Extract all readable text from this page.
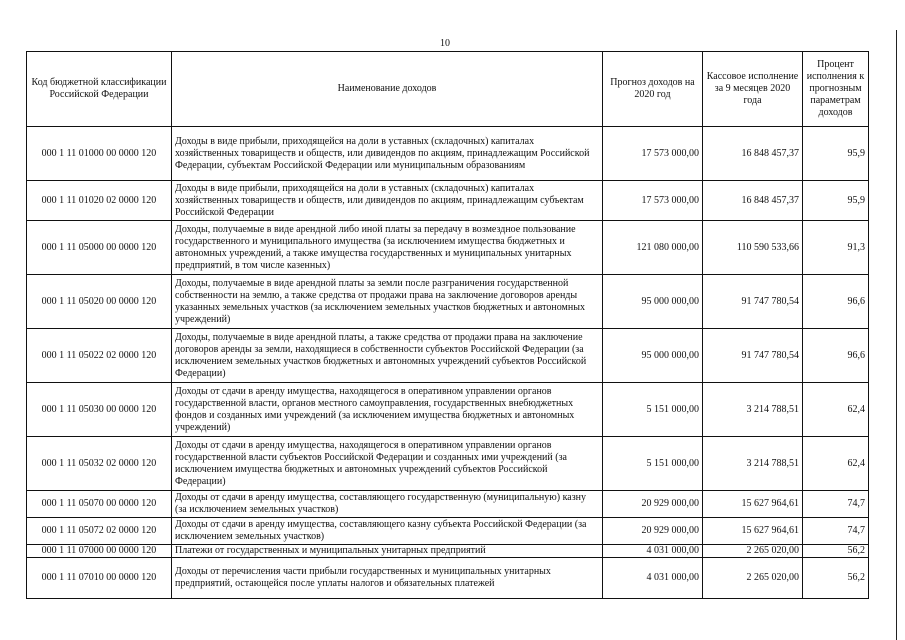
10
Код бюджетной классификации Российской Федерации	Наименование доходов	Прогноз доходов на 2020 год	Кассовое исполнение за 9 месяцев 2020 года	Процент исполнения к прогнозным параметрам доходов
000 1 11 01000 00 0000 120	Доходы в виде прибыли, приходящейся на доли в уставных (складочных) капиталах хозяйственных товариществ и обществ, или дивидендов по акциям, принадлежащим Российской Федерации, субъектам Российской Федерации или муниципальным образованиям	17 573 000,00	16 848 457,37	95,9
000 1 11 01020 02 0000 120	Доходы в виде прибыли, приходящейся на доли в уставных (складочных) капиталах хозяйственных товариществ и обществ, или дивидендов по акциям, принадлежащим субъектам Российской Федерации	17 573 000,00	16 848 457,37	95,9
000 1 11 05000 00 0000 120	Доходы, получаемые в виде арендной либо иной платы за передачу в возмездное пользование государственного и муниципального имущества (за исключением имущества бюджетных и автономных учреждений, а также имущества государственных и муниципальных унитарных предприятий, в том числе казенных)	121 080 000,00	110 590 533,66	91,3
000 1 11 05020 00 0000 120	Доходы, получаемые в виде арендной платы за земли после разграничения государственной собственности на землю, а также средства от продажи права на заключение договоров аренды указанных земельных участков (за исключением земельных участков бюджетных и автономных учреждений)	95 000 000,00	91 747 780,54	96,6
000 1 11 05022 02 0000 120	Доходы, получаемые в виде арендной платы, а также средства от продажи права на заключение договоров аренды за земли, находящиеся в собственности субъектов Российской Федерации (за исключением земельных участков бюджетных и автономных учреждений субъектов Российской Федерации)	95 000 000,00	91 747 780,54	96,6
000 1 11 05030 00 0000 120	Доходы от сдачи в аренду имущества, находящегося в оперативном управлении органов государственной власти, органов местного самоуправления, государственных внебюджетных фондов и созданных ими учреждений (за исключением имущества бюджетных и автономных учреждений)	5 151 000,00	3 214 788,51	62,4
000 1 11 05032 02 0000 120	Доходы от сдачи в аренду имущества, находящегося в оперативном управлении органов государственной власти субъектов Российской Федерации и созданных ими учреждений (за исключением имущества бюджетных и автономных учреждений субъектов Российской Федерации)	5 151 000,00	3 214 788,51	62,4
000 1 11 05070 00 0000 120	Доходы от сдачи в аренду имущества, составляющего государственную (муниципальную) казну (за исключением земельных участков)	20 929 000,00	15 627 964,61	74,7
000 1 11 05072 02 0000 120	Доходы от сдачи в аренду имущества, составляющего казну субъекта Российской Федерации (за исключением земельных участков)	20 929 000,00	15 627 964,61	74,7
000 1 11 07000 00 0000 120	Платежи от государственных и муниципальных унитарных предприятий	4 031 000,00	2 265 020,00	56,2
000 1 11 07010 00 0000 120	Доходы от перечисления части прибыли государственных и муниципальных унитарных предприятий, остающейся после уплаты налогов и обязательных платежей	4 031 000,00	2 265 020,00	56,2
